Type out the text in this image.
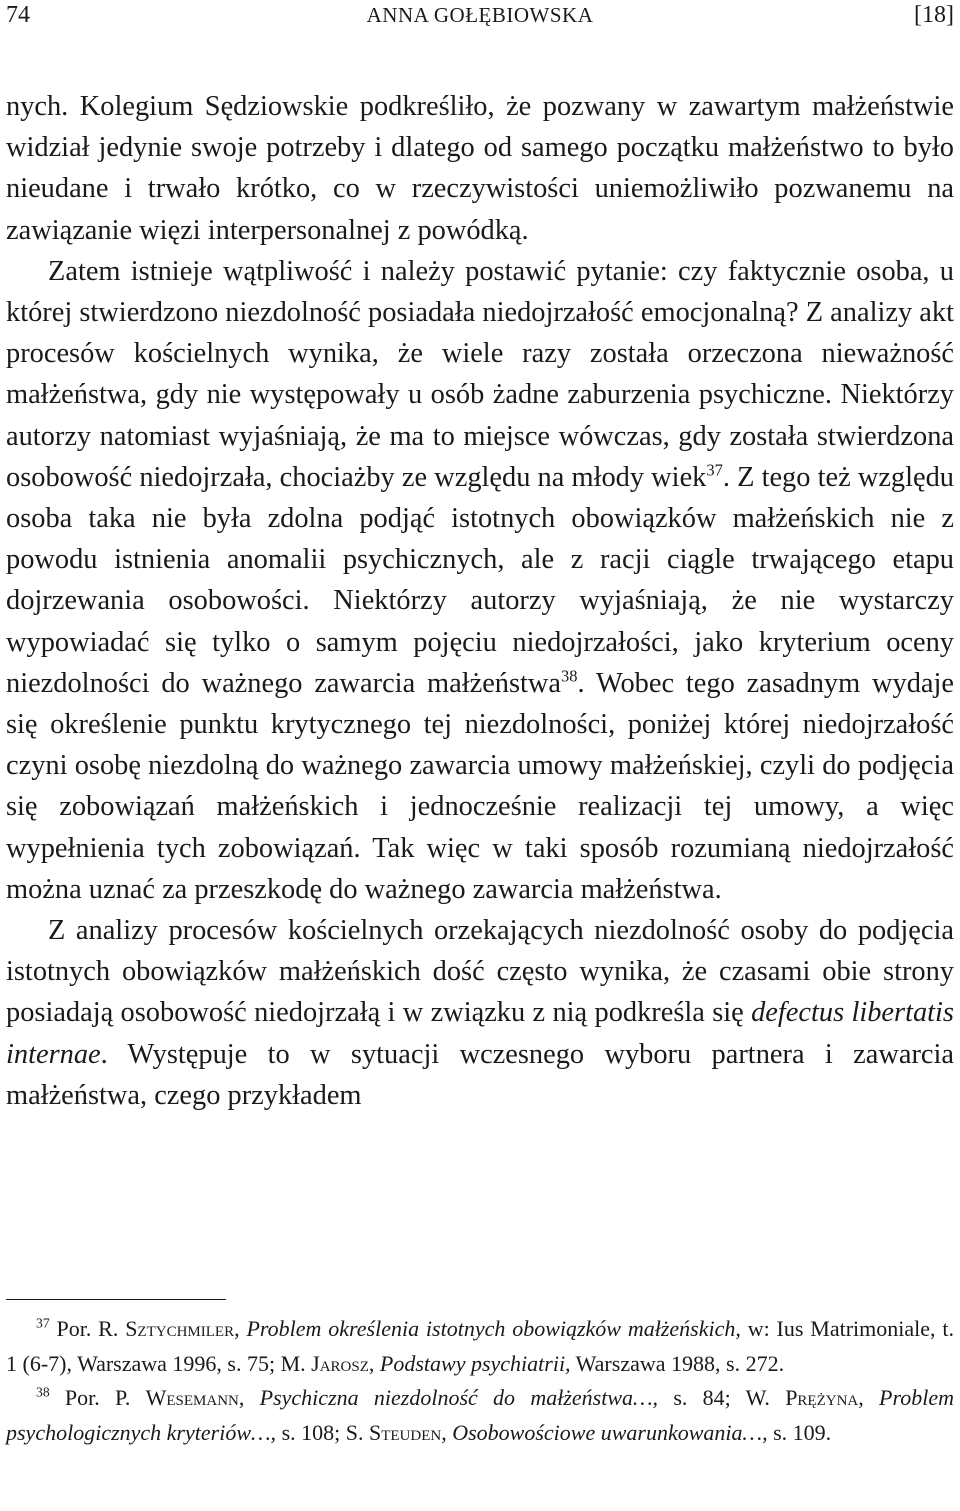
74	ANNA GOŁĘBIOWSKA	[18]

nych. Kolegium Sędziowskie podkreśliło, że pozwany w zawartym małżeństwie widział jedynie swoje potrzeby i dlatego od samego początku małżeństwo to było nieudane i trwało krótko, co w rzeczywistości uniemożliwiło pozwanemu na zawiązanie więzi interpersonalnej z powódką.

Zatem istnieje wątpliwość i należy postawić pytanie: czy faktycznie osoba, u której stwierdzono niezdolność posiadała niedojrzałość emocjonalną? Z analizy akt procesów kościelnych wynika, że wiele razy została orzeczona nieważność małżeństwa, gdy nie występowały u osób żadne zaburzenia psychiczne. Niektórzy autorzy natomiast wyjaśniają, że ma to miejsce wówczas, gdy została stwierdzona osobowość niedojrzała, chociażby ze względu na młody wiek$^{37}$. Z tego też względu osoba taka nie była zdolna podjąć istotnych obowiązków małżeńskich nie z powodu istnienia anomalii psychicznych, ale z racji ciągle trwającego etapu dojrzewania osobowości. Niektórzy autorzy wyjaśniają, że nie wystarczy wypowiadać się tylko o samym pojęciu niedojrzałości, jako kryterium oceny niezdolności do ważnego zawarcia małżeństwa$^{38}$. Wobec tego zasadnym wydaje się określenie punktu krytycznego tej niezdolności, poniżej której niedojrzałość czyni osobę niezdolną do ważnego zawarcia umowy małżeńskiej, czyli do podjęcia się zobowiązań małżeńskich i jednocześnie realizacji tej umowy, a więc wypełnienia tych zobowiązań. Tak więc w taki sposób rozumianą niedojrzałość można uznać za przeszkodę do ważnego zawarcia małżeństwa.

Z analizy procesów kościelnych orzekających niezdolność osoby do podjęcia istotnych obowiązków małżeńskich dość często wynika, że czasami obie strony posiadają osobowość niedojrzałą i w związku z nią podkreśla się defectus libertatis internae. Występuje to w sytuacji wczesnego wyboru partnera i zawarcia małżeństwa, czego przykładem

$^{37}$ Por. R. Sztychmiler, Problem określenia istotnych obowiązków małżeńskich, w: Ius Matrimoniale, t. 1 (6-7), Warszawa 1996, s. 75; M. Jarosz, Podstawy psychiatrii, Warszawa 1988, s. 272.

$^{38}$ Por. P. Wesemann, Psychiczna niezdolność do małżeństwa…, s. 84; W. Prężyna, Problem psychologicznych kryteriów…, s. 108; S. Steuden, Osobowościowe uwarunkowania…, s. 109.
